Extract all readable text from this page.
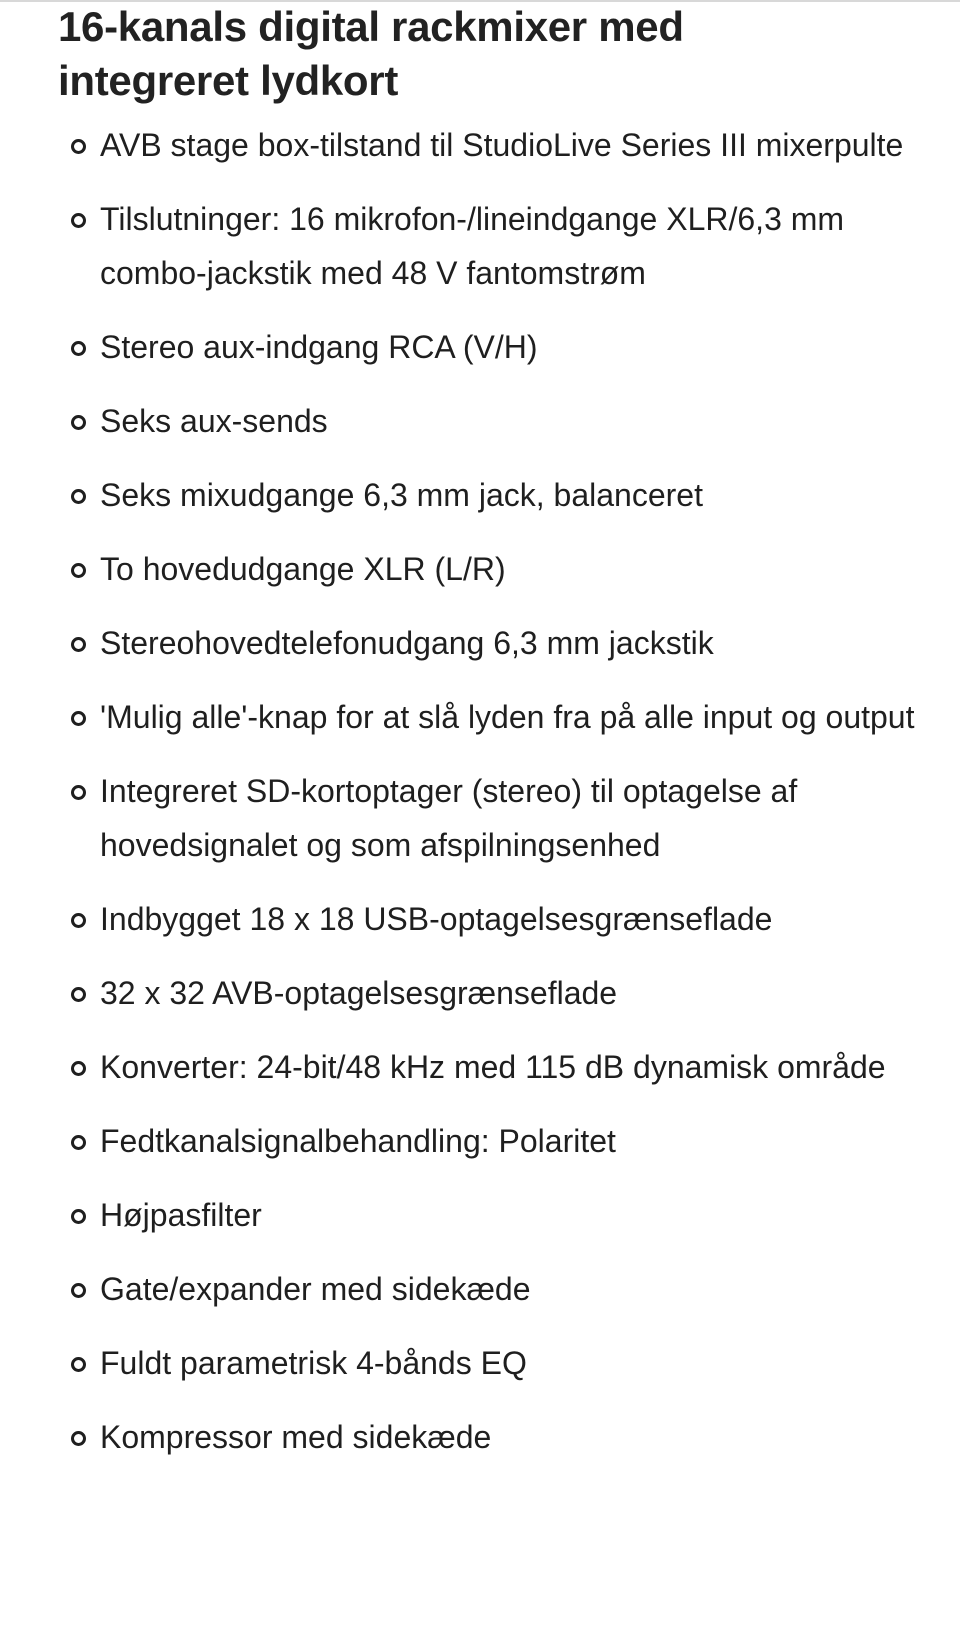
16-kanals digital rackmixer med integreret lydkort
AVB stage box-tilstand til StudioLive Series III mixerpulte
Tilslutninger: 16 mikrofon-/lineindgange XLR/6,3 mm combo-jackstik med 48 V fantomstrøm
Stereo aux-indgang RCA (V/H)
Seks aux-sends
Seks mixudgange 6,3 mm jack, balanceret
To hovedudgange XLR (L/R)
Stereohovedtelefonudgang 6,3 mm jackstik
'Mulig alle'-knap for at slå lyden fra på alle input og output
Integreret SD-kortoptager (stereo) til optagelse af hovedsignalet og som afspilningsenhed
Indbygget 18 x 18 USB-optagelsesgrænseflade
32 x 32 AVB-optagelsesgrænseflade
Konverter: 24-bit/48 kHz med 115 dB dynamisk område
Fedtkanalsignalbehandling: Polaritet
Højpasfilter
Gate/expander med sidekæde
Fuldt parametrisk 4-bånds EQ
Kompressor med sidekæde
